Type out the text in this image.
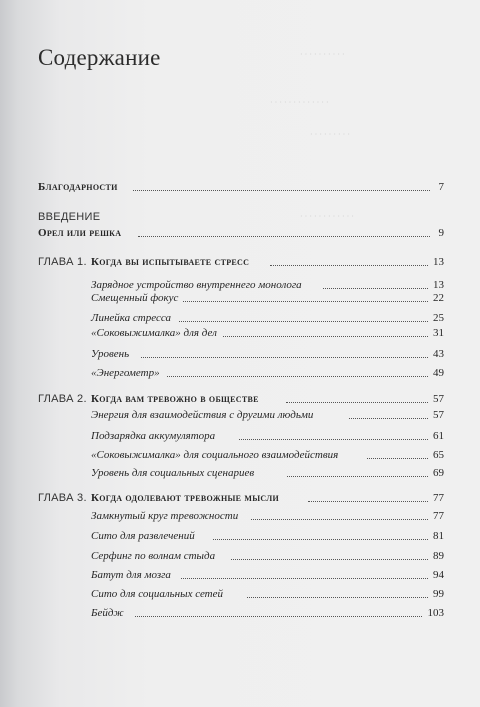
· · · · · · · · · ·
· · · · · · · · · · · · ·
· · · · · · · · ·
· · · · · · · · · · · ·
Содержание
Благодарности	7
ВВЕДЕНИЕ
Орел или решка	9
ГЛАВА 1. Когда вы испытываете стресс	13
Зарядное устройство внутреннего монолога	13
Смещенный фокус	22
Линейка стресса	25
«Соковыжималка» для дел	31
Уровень	43
«Энергометр»	49
ГЛАВА 2. Когда вам тревожно в обществе	57
Энергия для взаимодействия с другими людьми	57
Подзарядка аккумулятора	61
«Соковыжималка» для социального взаимодействия	65
Уровень для социальных сценариев	69
ГЛАВА 3. Когда одолевают тревожные мысли	77
Замкнутый круг тревожности	77
Сито для развлечений	81
Серфинг по волнам стыда	89
Батут для мозга	94
Сито для социальных сетей	99
Бейдж	103
